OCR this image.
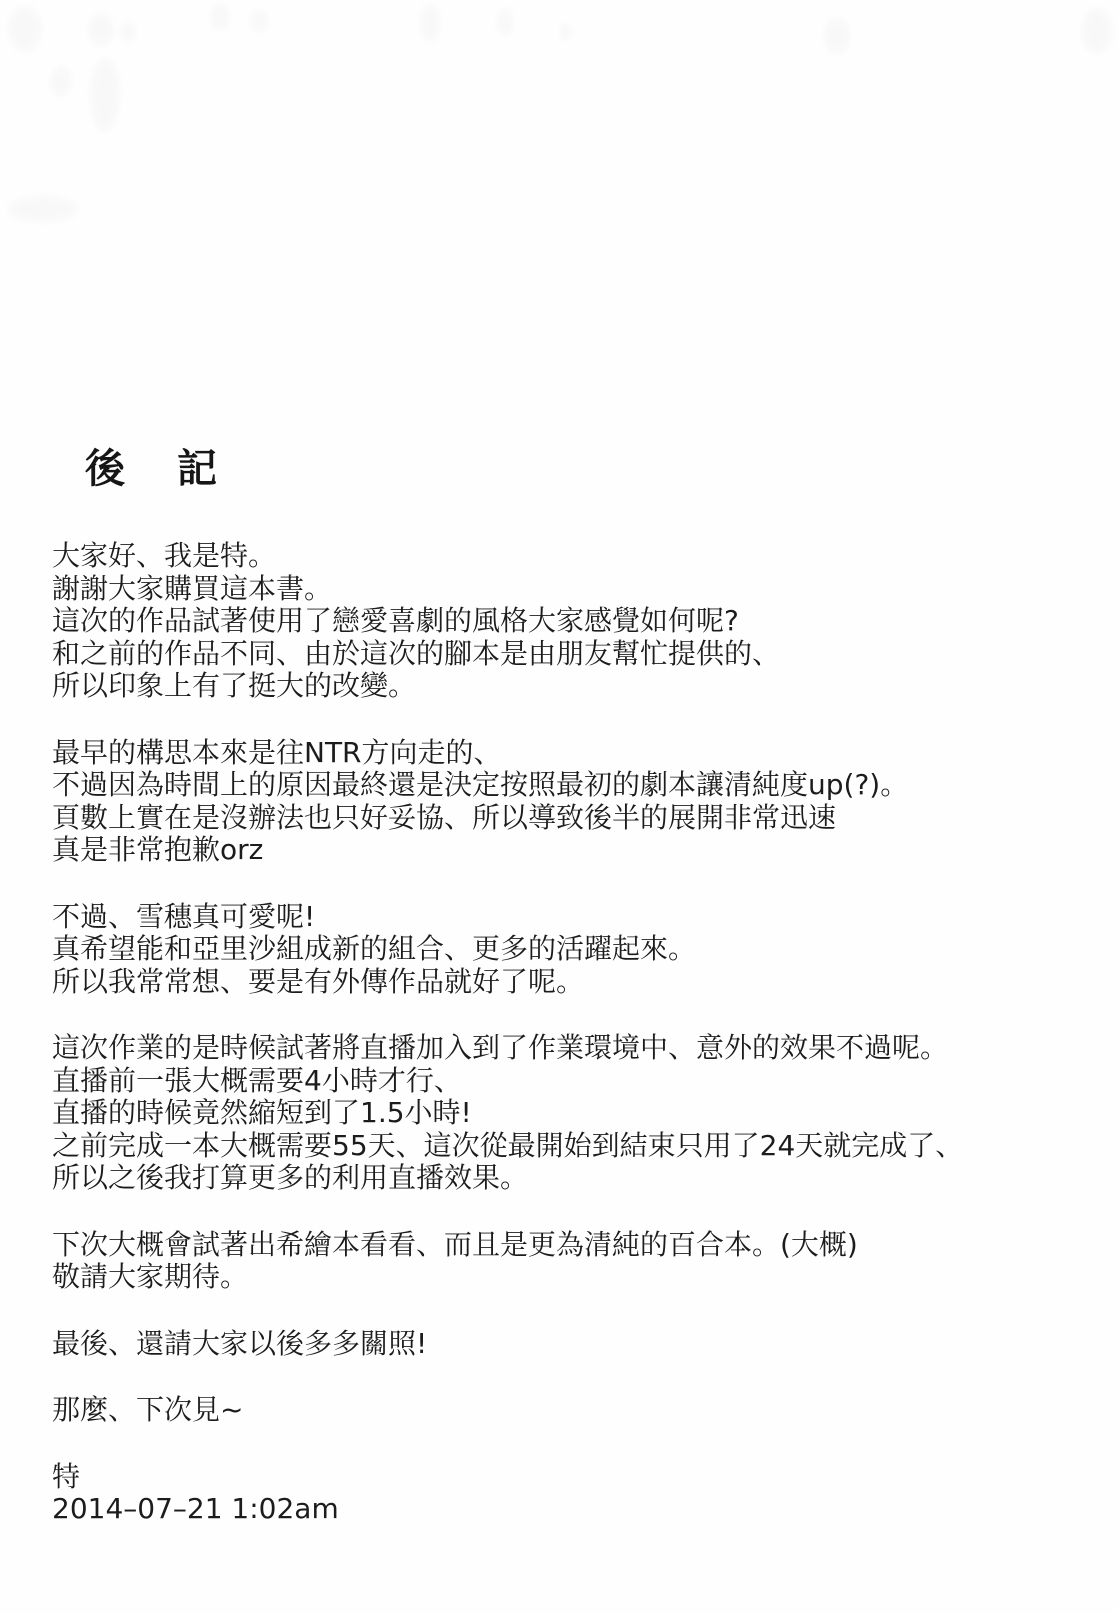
後 記
大家好、我是特。
謝謝大家購買這本書。
這次的作品試著使用了戀愛喜劇的風格大家感覺如何呢?
和之前的作品不同、由於這次的腳本是由朋友幫忙提供的、
所以印象上有了挺大的改變。
最早的構思本來是往NTR方向走的、
不過因為時間上的原因最終還是決定按照最初的劇本讓清純度up(?)。
頁數上實在是沒辦法也只好妥協、所以導致後半的展開非常迅速
真是非常抱歉orz
不過、雪穗真可愛呢!
真希望能和亞里沙組成新的組合、更多的活躍起來。
所以我常常想、要是有外傳作品就好了呢。
這次作業的是時候試著將直播加入到了作業環境中、意外的效果不過呢。
直播前一張大概需要4小時才行、
直播的時候竟然縮短到了1.5小時!
之前完成一本大概需要55天、這次從最開始到結束只用了24天就完成了、
所以之後我打算更多的利用直播效果。
下次大概會試著出希繪本看看、而且是更為清純的百合本。(大概)
敬請大家期待。
最後、還請大家以後多多關照!
那麼、下次見~
特
2014–07–21 1:02am
